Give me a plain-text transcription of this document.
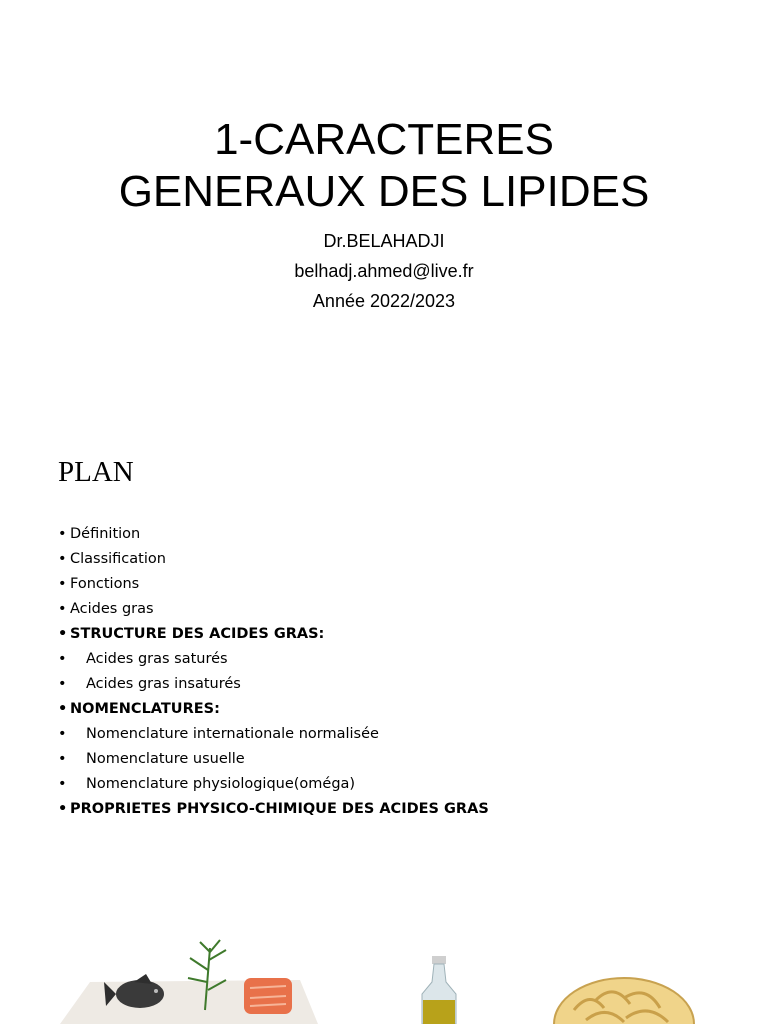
1-CARACTERES
GENERAUX DES LIPIDES
Dr.BELAHADJI
belhadj.ahmed@live.fr
Année 2022/2023
PLAN
• Définition
• Classification
• Fonctions
• Acides gras
• STRUCTURE DES ACIDES GRAS:
• Acides gras saturés
• Acides gras insaturés
• NOMENCLATURES:
• Nomenclature internationale normalisée
• Nomenclature usuelle
• Nomenclature physiologique(oméga)
• PROPRIETES PHYSICO-CHIMIQUE DES ACIDES GRAS
